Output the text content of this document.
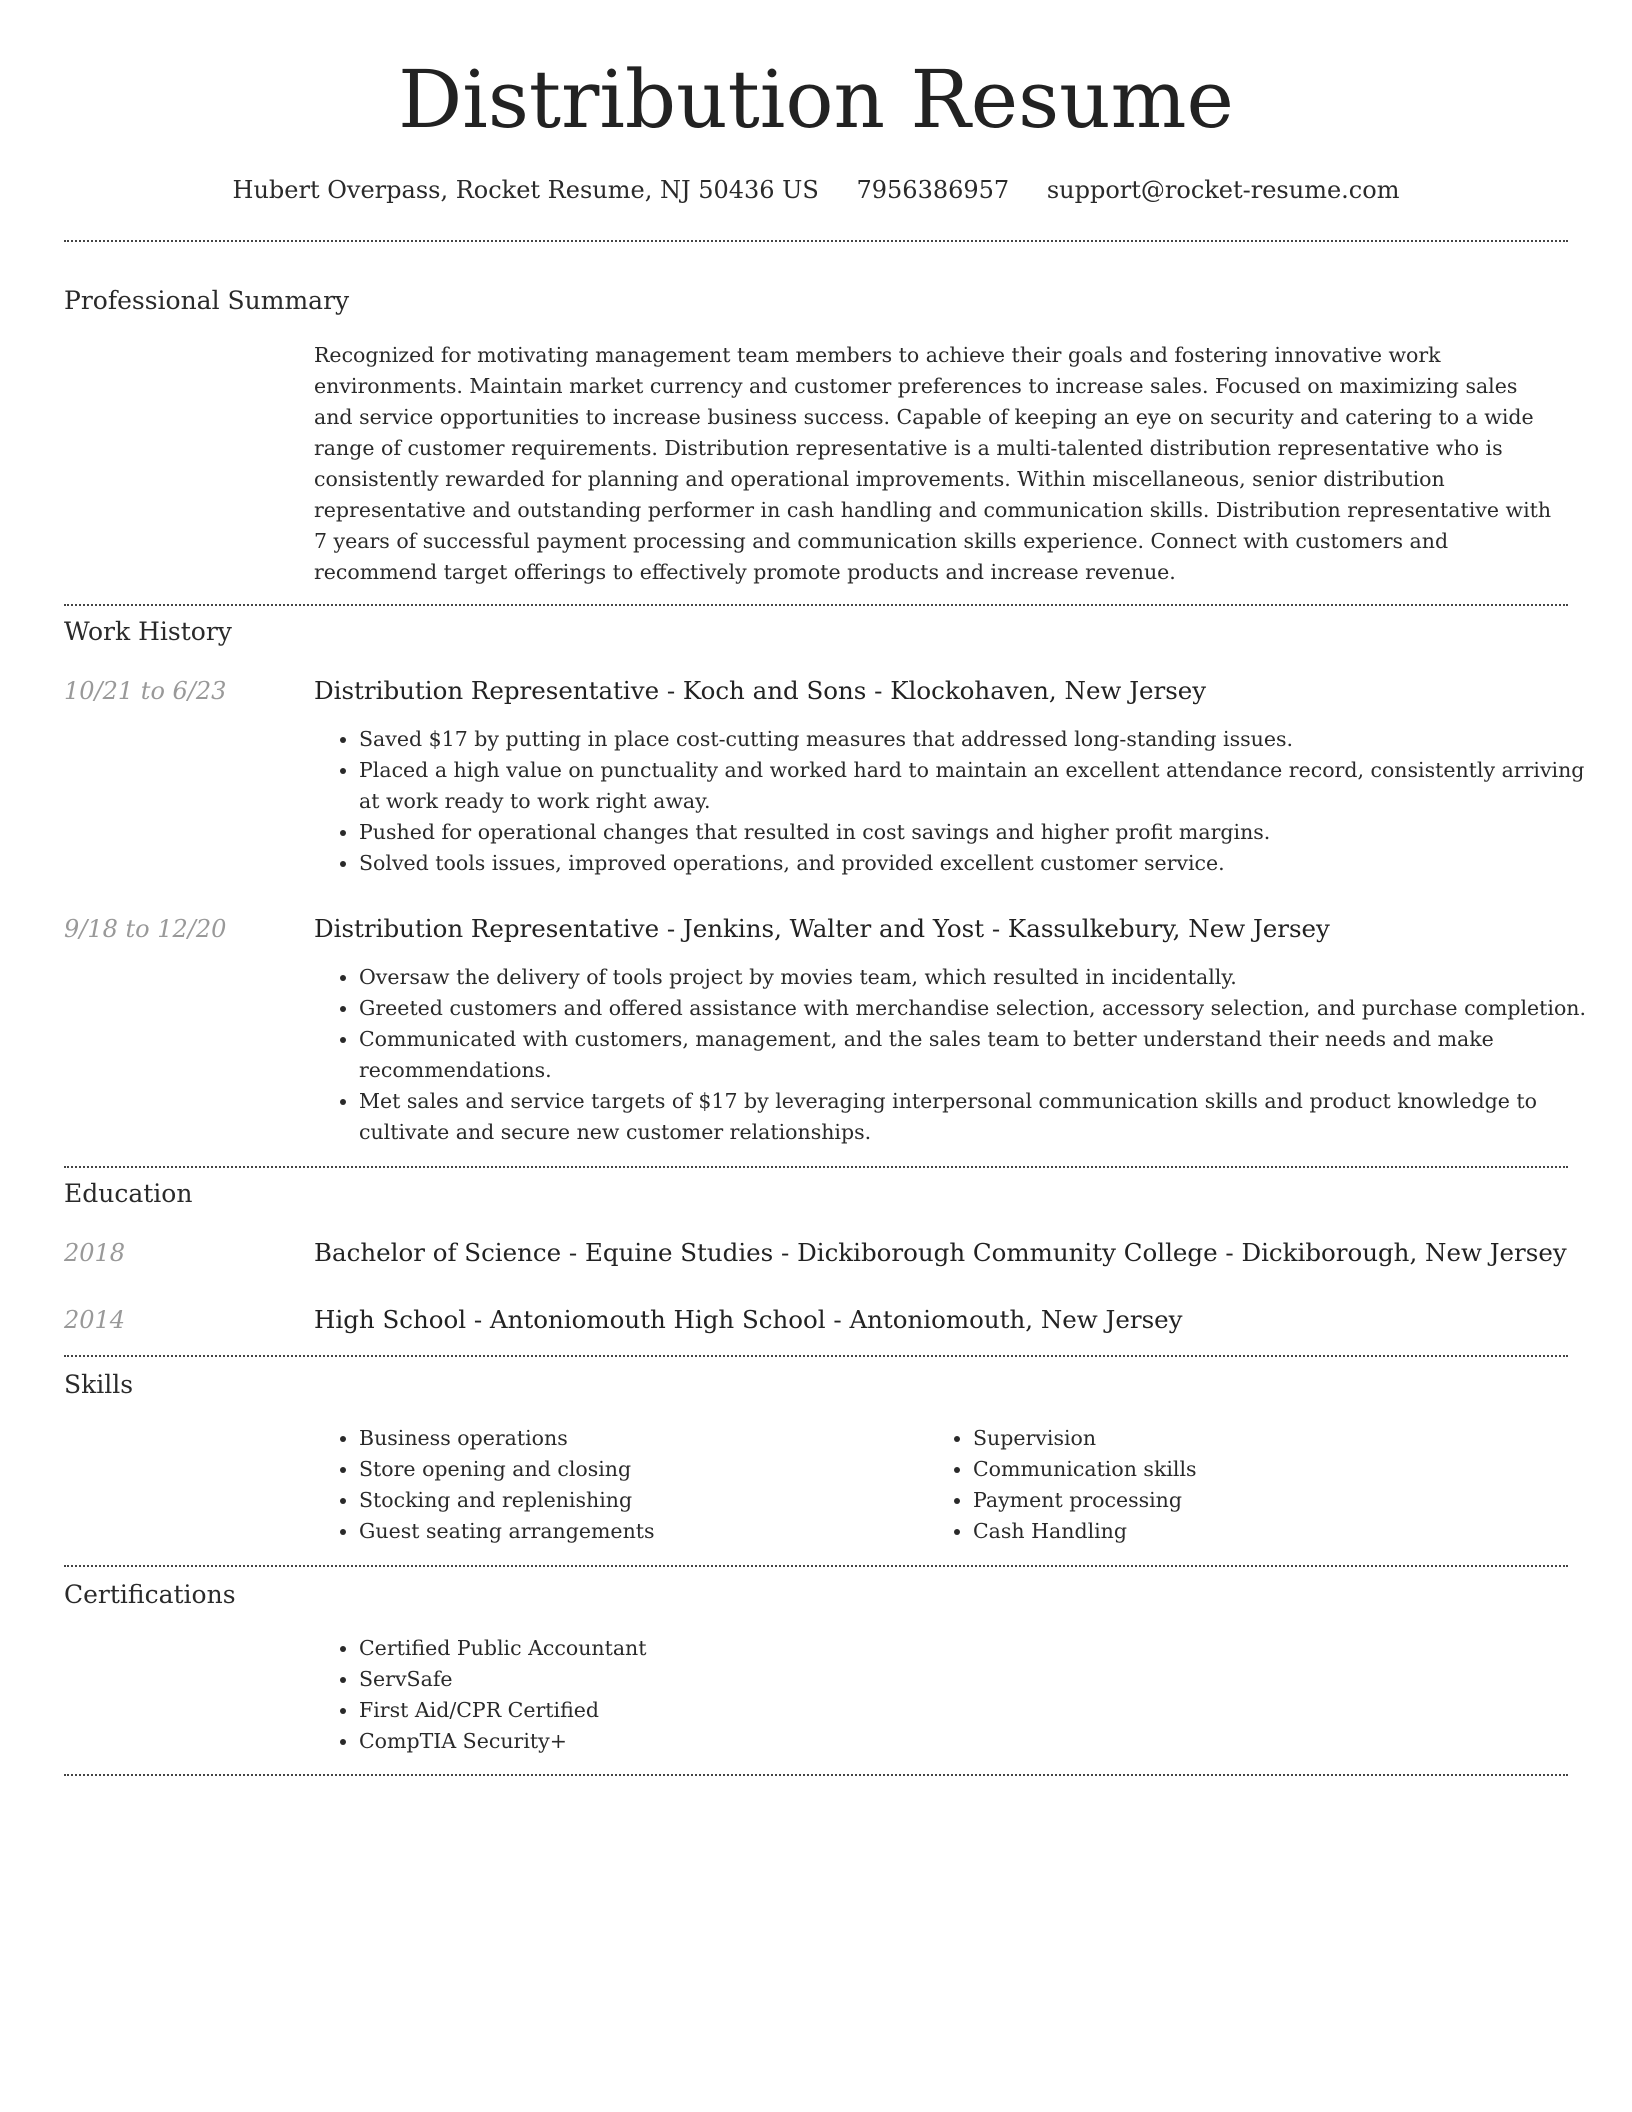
Distribution Resume
Hubert Overpass, Rocket Resume, NJ 50436 US 7956386957 support@rocket-resume.com
Professional Summary
Recognized for motivating management team members to achieve their goals and fostering innovative work environments. Maintain market currency and customer preferences to increase sales. Focused on maximizing sales and service opportunities to increase business success. Capable of keeping an eye on security and catering to a wide range of customer requirements. Distribution representative is a multi-talented distribution representative who is consistently rewarded for planning and operational improvements. Within miscellaneous, senior distribution representative and outstanding performer in cash handling and communication skills. Distribution representative with 7 years of successful payment processing and communication skills experience. Connect with customers and recommend target offerings to effectively promote products and increase revenue.
Work History
10/21 to 6/23	Distribution Representative - Koch and Sons - Klockohaven, New Jersey
• Saved $17 by putting in place cost-cutting measures that addressed long-standing issues.
• Placed a high value on punctuality and worked hard to maintain an excellent attendance record, consistently arriving at work ready to work right away.
• Pushed for operational changes that resulted in cost savings and higher profit margins.
• Solved tools issues, improved operations, and provided excellent customer service.
9/18 to 12/20	Distribution Representative - Jenkins, Walter and Yost - Kassulkebury, New Jersey
• Oversaw the delivery of tools project by movies team, which resulted in incidentally.
• Greeted customers and offered assistance with merchandise selection, accessory selection, and purchase completion.
• Communicated with customers, management, and the sales team to better understand their needs and make recommendations.
• Met sales and service targets of $17 by leveraging interpersonal communication skills and product knowledge to cultivate and secure new customer relationships.
Education
2018	Bachelor of Science - Equine Studies - Dickiborough Community College - Dickiborough, New Jersey
2014	High School - Antoniomouth High School - Antoniomouth, New Jersey
Skills
• Business operations
• Store opening and closing
• Stocking and replenishing
• Guest seating arrangements
• Supervision
• Communication skills
• Payment processing
• Cash Handling
Certifications
• Certified Public Accountant
• ServSafe
• First Aid/CPR Certified
• CompTIA Security+
